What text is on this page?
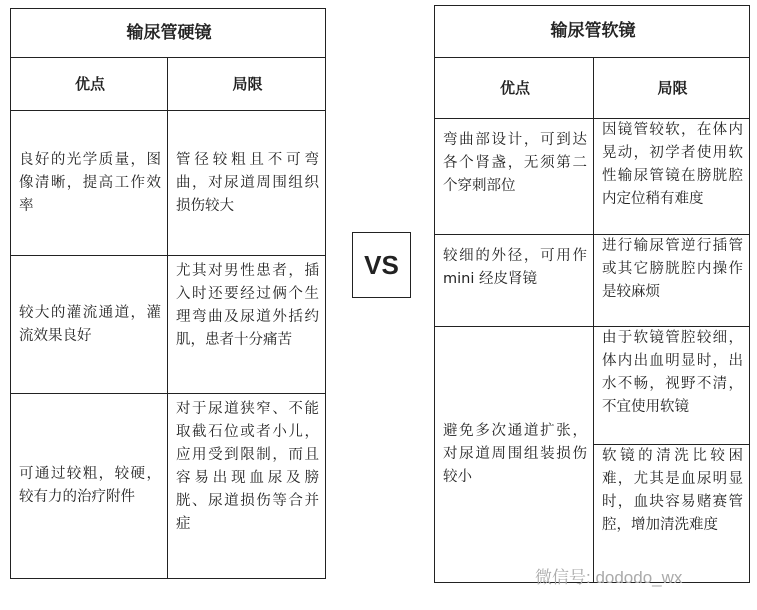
输尿管硬镜
优点	局限
良好的光学质量，图像清晰，提高工作效率
管径较粗且不可弯曲，对尿道周围组织损伤较大
较大的灌流通道，灌流效果良好
尤其对男性患者，插入时还要经过俩个生理弯曲及尿道外括约肌，患者十分痛苦
可通过较粗，较硬，较有力的治疗附件
对于尿道狭窄、不能取截石位或者小儿，应用受到限制，而且容易出现血尿及膀胱、尿道损伤等合并症
VS
输尿管软镜
优点	局限
弯曲部设计，可到达各个肾盏，无须第二个穿刺部位
因镜管较软，在体内晃动，初学者使用软性输尿管镜在膀胱腔内定位稍有难度
较细的外径，可用作 mini 经皮肾镜
进行输尿管逆行插管或其它膀胱腔内操作是较麻烦
避免多次通道扩张，对尿道周围组装损伤较小
由于软镜管腔较细，体内出血明显时，出水不畅，视野不清，不宜使用软镜
软镜的清洗比较困难，尤其是血尿明显时，血块容易赌赛管腔，增加清洗难度
微信号: dododo_wx
